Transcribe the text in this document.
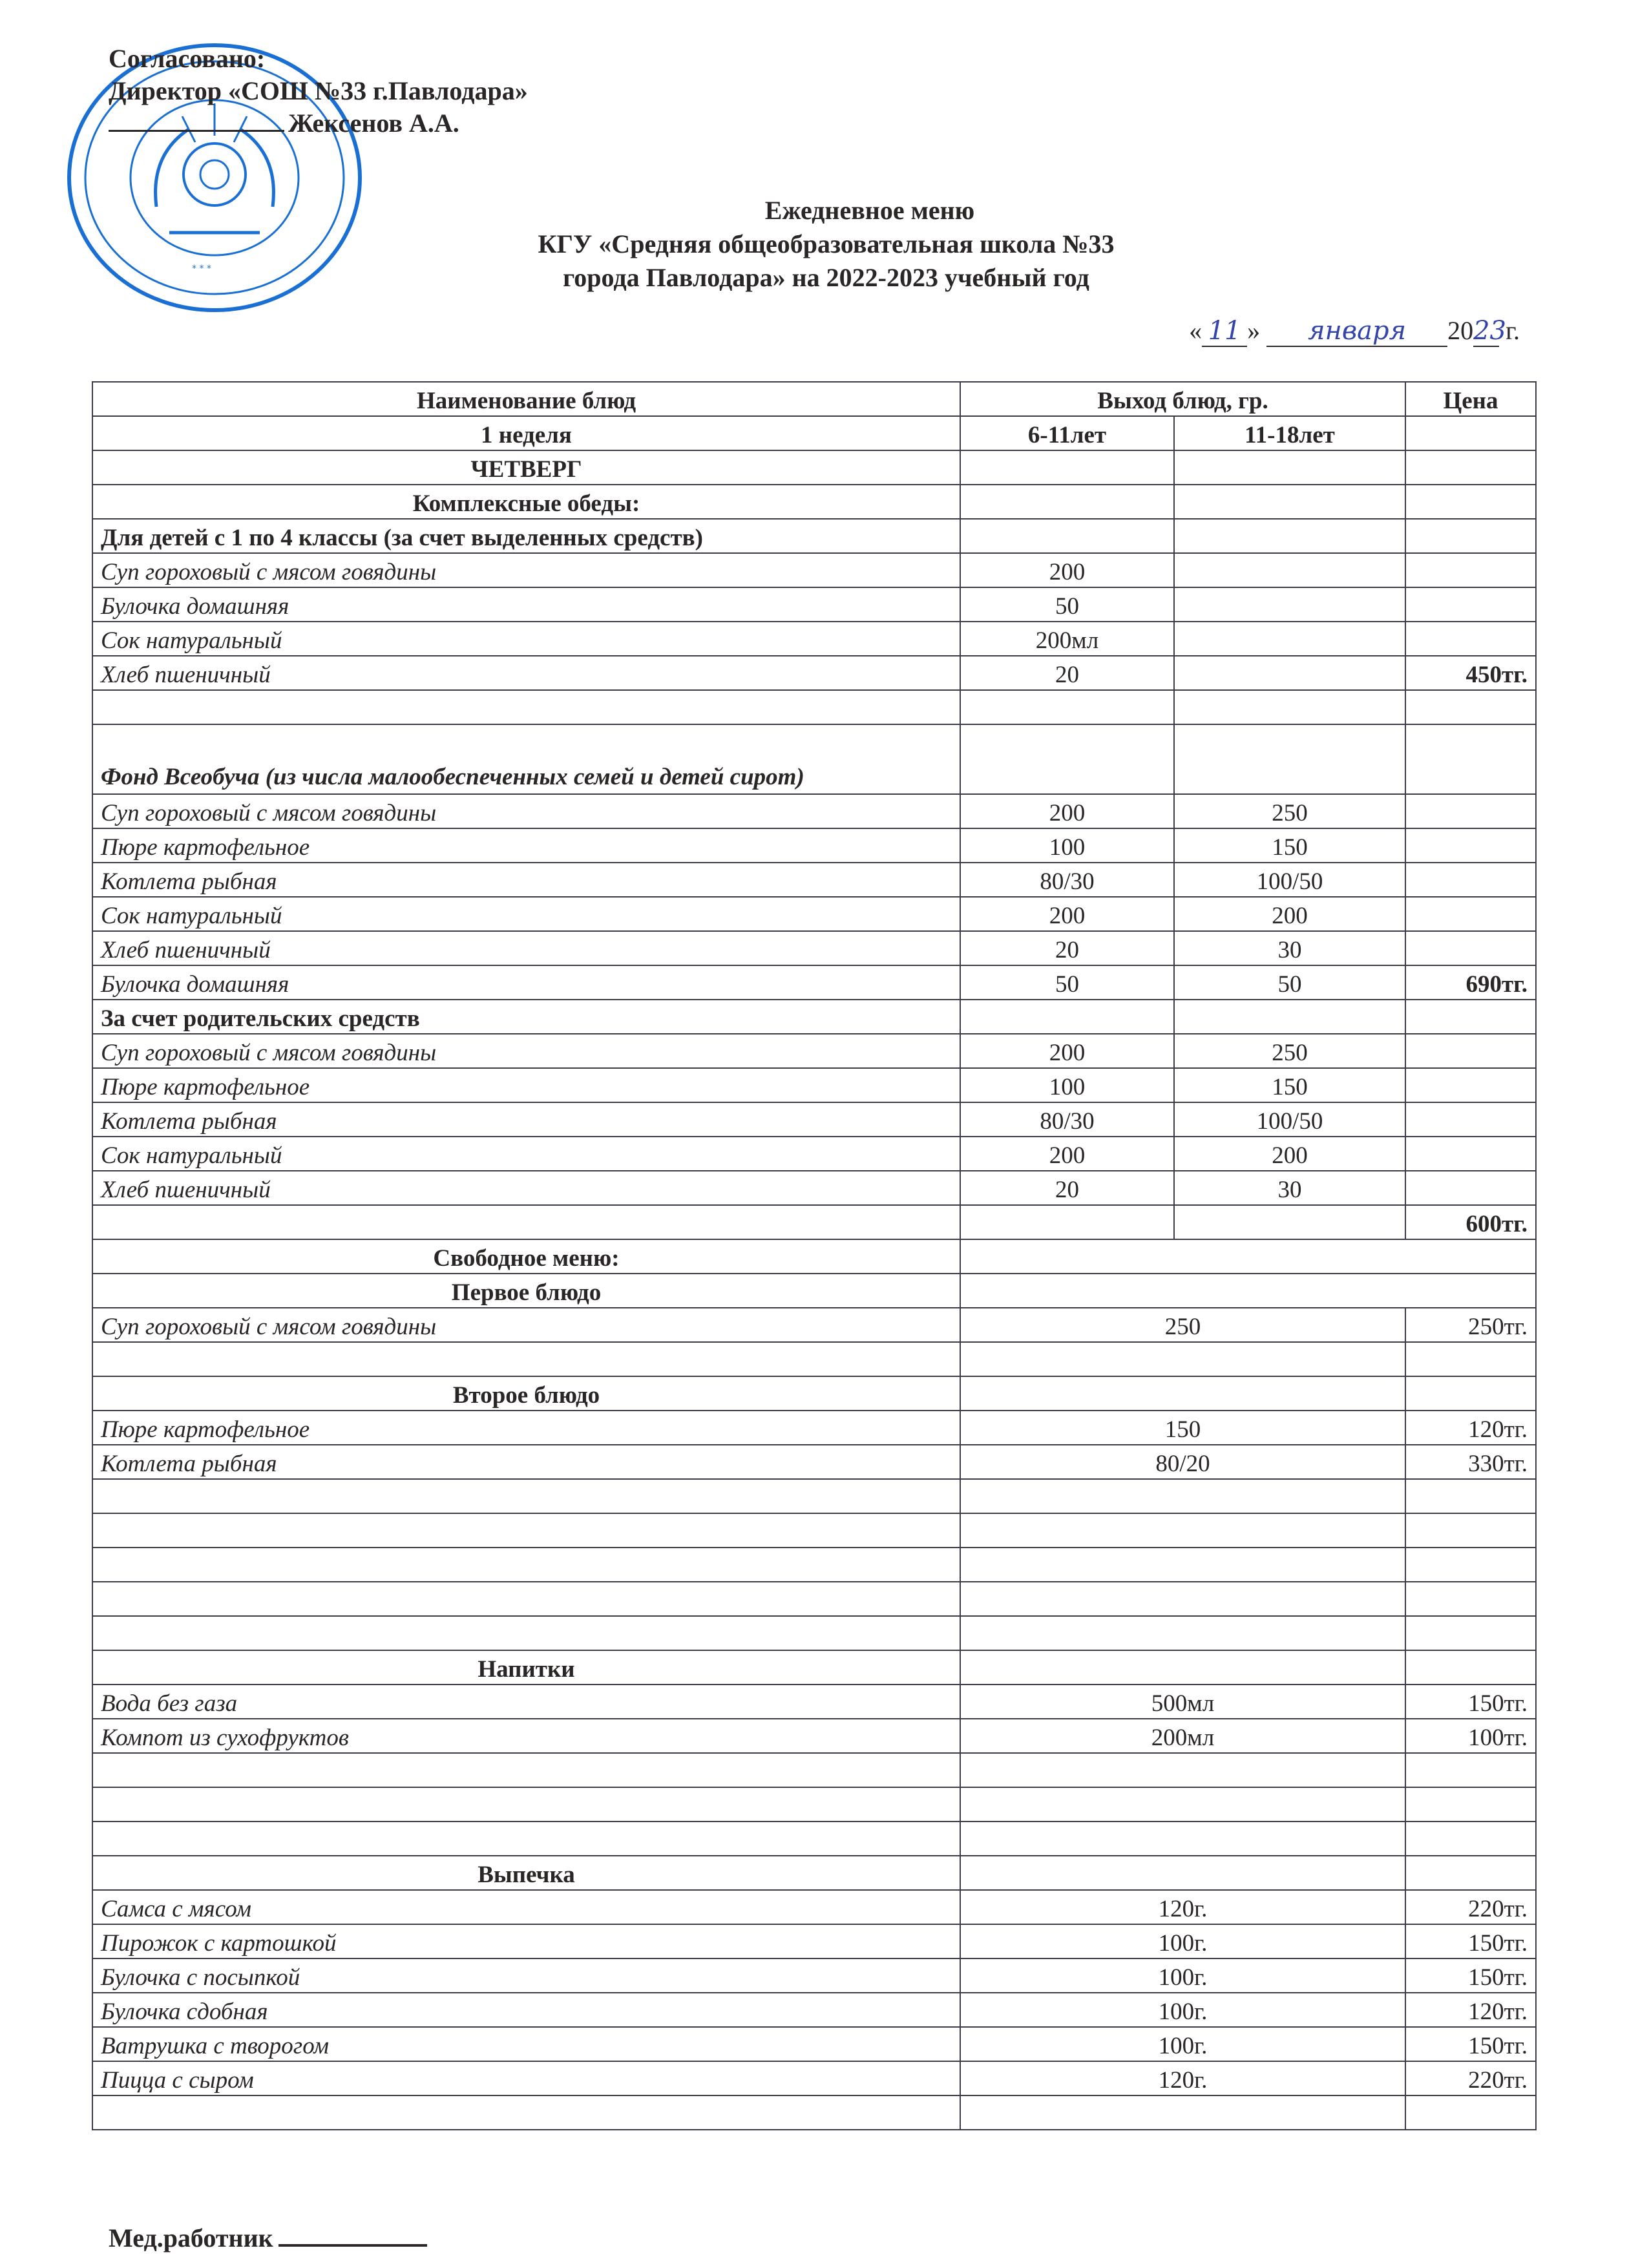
* * *
Согласовано:
Директор «СОШ №33 г.Павлодара»
Жексенов А.А.
Ежедневное меню
КГУ «Средняя общеобразовательная школа №33
города Павлодара» на 2022-2023 учебный год
« 11 » января 2023 г.
Наименование блюд	Выход блюд, гр.		Цена
1 неделя	6-11лет	11-18лет	
ЧЕТВЕРГ			
Комплексные обеды:			
Для детей с 1 по 4 классы (за счет выделенных средств)			
Суп гороховый с мясом говядины	200		
Булочка домашняя	50		
Сок натуральный	200мл		
Хлеб пшеничный	20		450тг.

Фонд Всеобуча (из числа малообеспеченных семей и детей сирот)			
Суп гороховый с мясом говядины	200	250	
Пюре картофельное	100	150	
Котлета рыбная	80/30	100/50	
Сок натуральный	200	200	
Хлеб пшеничный	20	30	
Булочка домашняя	50	50	690тг.
За счет родительских средств			
Суп гороховый с мясом говядины	200	250	
Пюре картофельное	100	150	
Котлета рыбная	80/30	100/50	
Сок натуральный	200	200	
Хлеб пшеничный	20	30	
			600тг.
Свободное меню:			
Первое блюдо			
Суп гороховый с мясом говядины	250		250тг.

Второе блюдо			
Пюре картофельное	150		120тг.
Котлета рыбная	80/20		330тг.

Напитки			
Вода без газа	500мл		150тг.
Компот из сухофруктов	200мл		100тг.

Выпечка			
Самса с мясом	120г.		220тг.
Пирожок с картошкой	100г.		150тг.
Булочка с посыпкой	100г.		150тг.
Булочка сдобная	100г.		120тг.
Ватрушка с творогом	100г.		150тг.
Пицца с сыром	120г.		220тг.

Мед.работник
